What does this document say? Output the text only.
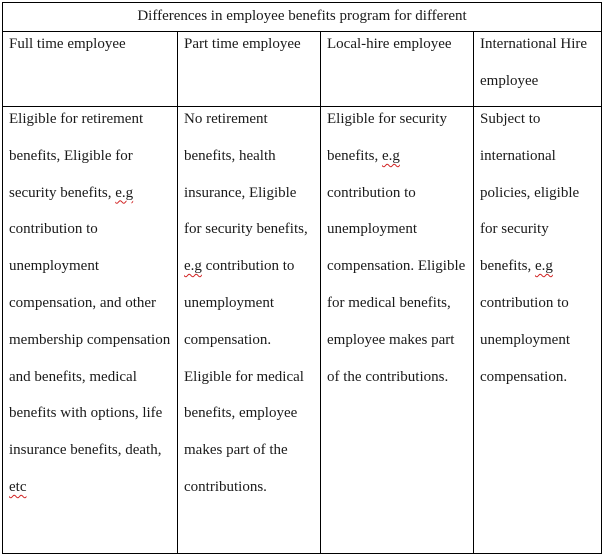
Differences in employee benefits program for different			

Full time employee	Part time employee	Local-hire employee	International Hire employee

Eligible for retirement benefits, Eligible for security benefits, e.g contribution to unemployment compensation, and other membership compensation and benefits, medical benefits with options, life insurance benefits, death, etc	No retirement benefits, health insurance, Eligible for security benefits, e.g contribution to unemployment compensation. Eligible for medical benefits, employee makes part of the contributions.	Eligible for security benefits, e.g contribution to unemployment compensation. Eligible for medical benefits, employee makes part of the contributions.	Subject to international policies, eligible for security benefits, e.g contribution to unemployment compensation.
